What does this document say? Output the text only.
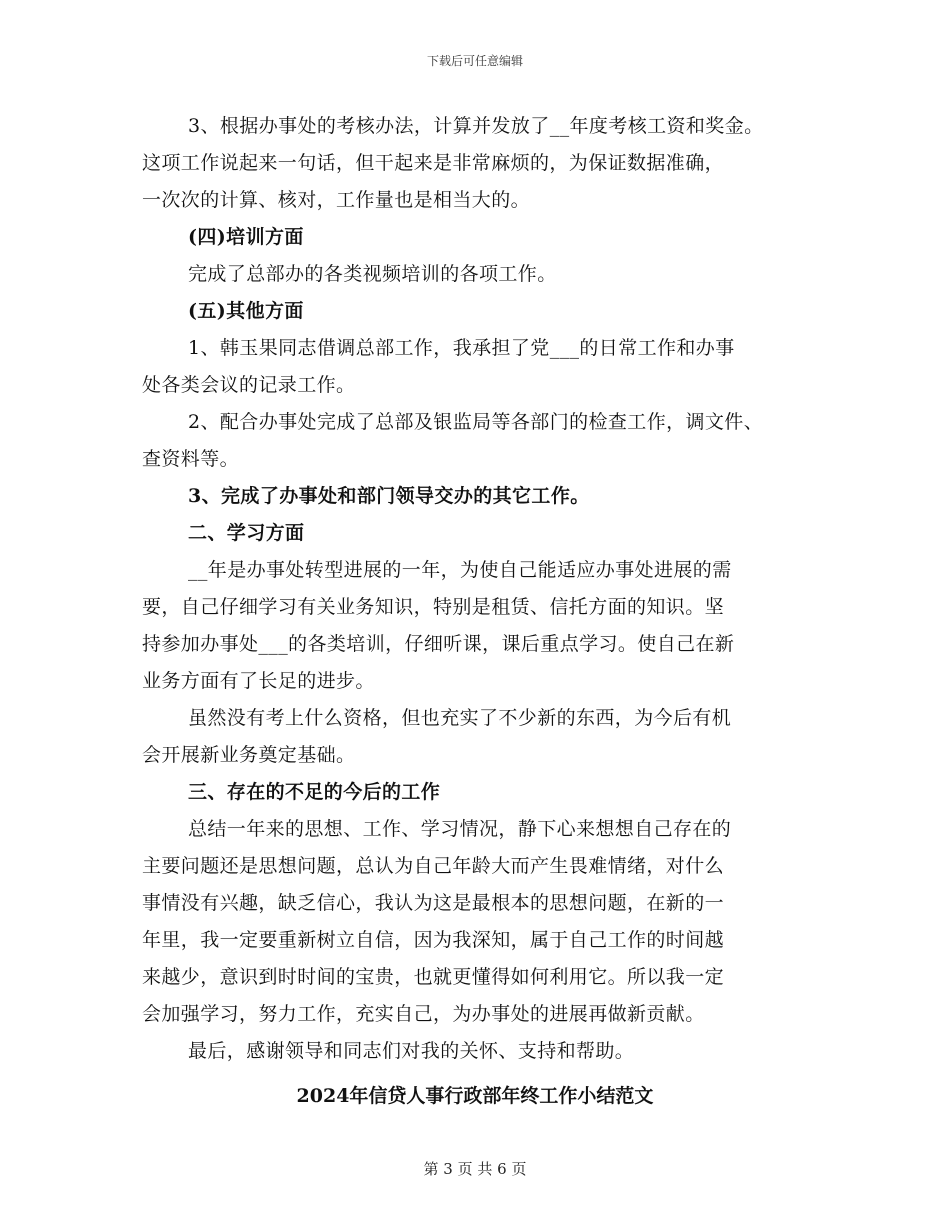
下载后可任意编辑
3、根据办事处的考核办法，计算并发放了__年度考核工资和奖金。
这项工作说起来一句话，但干起来是非常麻烦的，为保证数据准确，
一次次的计算、核对，工作量也是相当大的。
(四)培训方面
完成了总部办的各类视频培训的各项工作。
(五)其他方面
1、韩玉果同志借调总部工作，我承担了党___的日常工作和办事
处各类会议的记录工作。
2、配合办事处完成了总部及银监局等各部门的检查工作，调文件、
查资料等。
3、完成了办事处和部门领导交办的其它工作。
二、学习方面
__年是办事处转型进展的一年，为使自己能适应办事处进展的需
要，自己仔细学习有关业务知识，特别是租赁、信托方面的知识。坚
持参加办事处___的各类培训，仔细听课，课后重点学习。使自己在新
业务方面有了长足的进步。
虽然没有考上什么资格，但也充实了不少新的东西，为今后有机
会开展新业务奠定基础。
三、存在的不足的今后的工作
总结一年来的思想、工作、学习情况，静下心来想想自己存在的
主要问题还是思想问题，总认为自己年龄大而产生畏难情绪，对什么
事情没有兴趣，缺乏信心，我认为这是最根本的思想问题，在新的一
年里，我一定要重新树立自信，因为我深知，属于自己工作的时间越
来越少，意识到时时间的宝贵，也就更懂得如何利用它。所以我一定
会加强学习，努力工作，充实自己，为办事处的进展再做新贡献。
最后，感谢领导和同志们对我的关怀、支持和帮助。
2024年信贷人事行政部年终工作小结范文
第 3 页 共 6 页
